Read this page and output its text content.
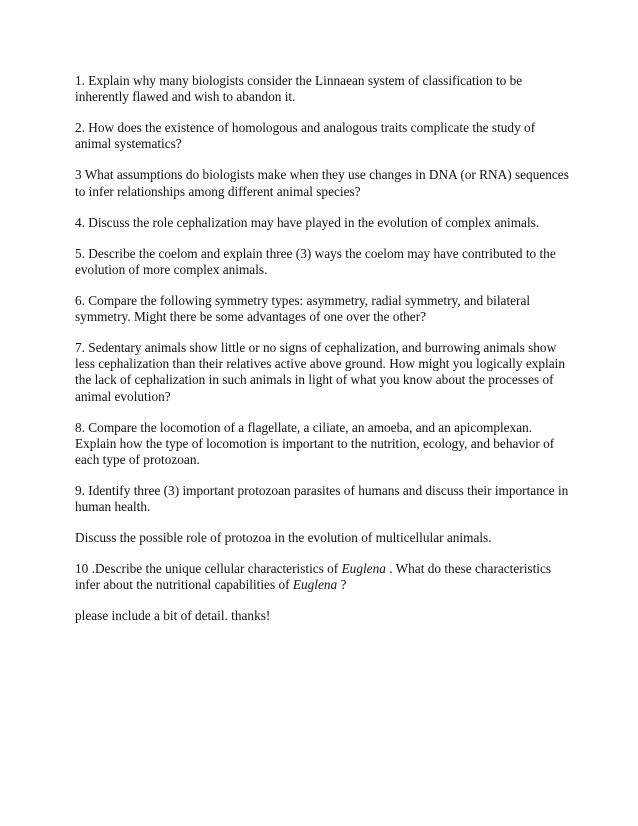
1. Explain why many biologists consider the Linnaean system of classification to be inherently flawed and wish to abandon it.

2. How does the existence of homologous and analogous traits complicate the study of animal systematics?

3 What assumptions do biologists make when they use changes in DNA (or RNA) sequences to infer relationships among different animal species?

4. Discuss the role cephalization may have played in the evolution of complex animals.

5. Describe the coelom and explain three (3) ways the coelom may have contributed to the evolution of more complex animals.

6. Compare the following symmetry types: asymmetry, radial symmetry, and bilateral symmetry. Might there be some advantages of one over the other?

7. Sedentary animals show little or no signs of cephalization, and burrowing animals show less cephalization than their relatives active above ground. How might you logically explain the lack of cephalization in such animals in light of what you know about the processes of animal evolution?

8. Compare the locomotion of a flagellate, a ciliate, an amoeba, and an apicomplexan. Explain how the type of locomotion is important to the nutrition, ecology, and behavior of each type of protozoan.

9. Identify three (3) important protozoan parasites of humans and discuss their importance in human health.

Discuss the possible role of protozoa in the evolution of multicellular animals.

10 .Describe the unique cellular characteristics of Euglena . What do these characteristics infer about the nutritional capabilities of Euglena ?

please include a bit of detail. thanks!
